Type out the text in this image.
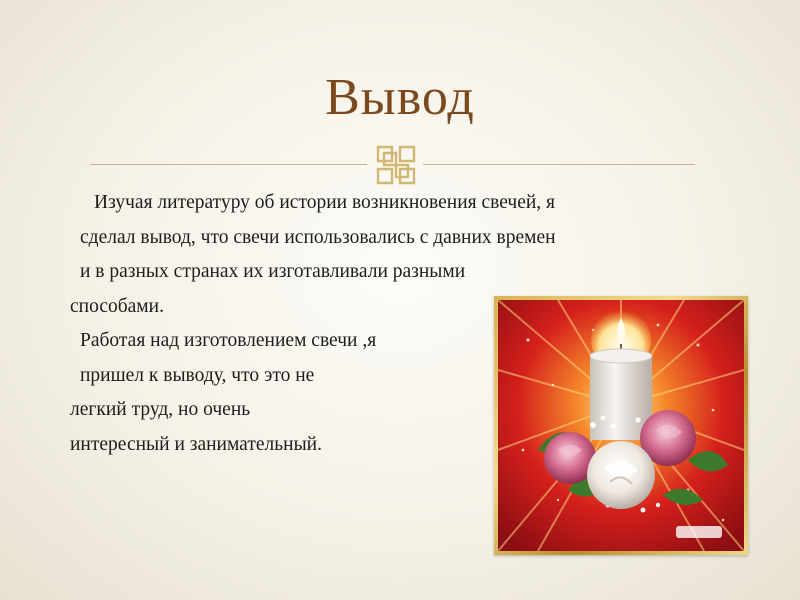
Вывод
Изучая литературу об истории возникновения свечей, я
сделал вывод, что свечи использовались с давних времен
и в разных странах их изготавливали разными
способами.
Работая над изготовлением свечи ,я
пришел к выводу, что это не
легкий труд, но очень
интересный и занимательный.
